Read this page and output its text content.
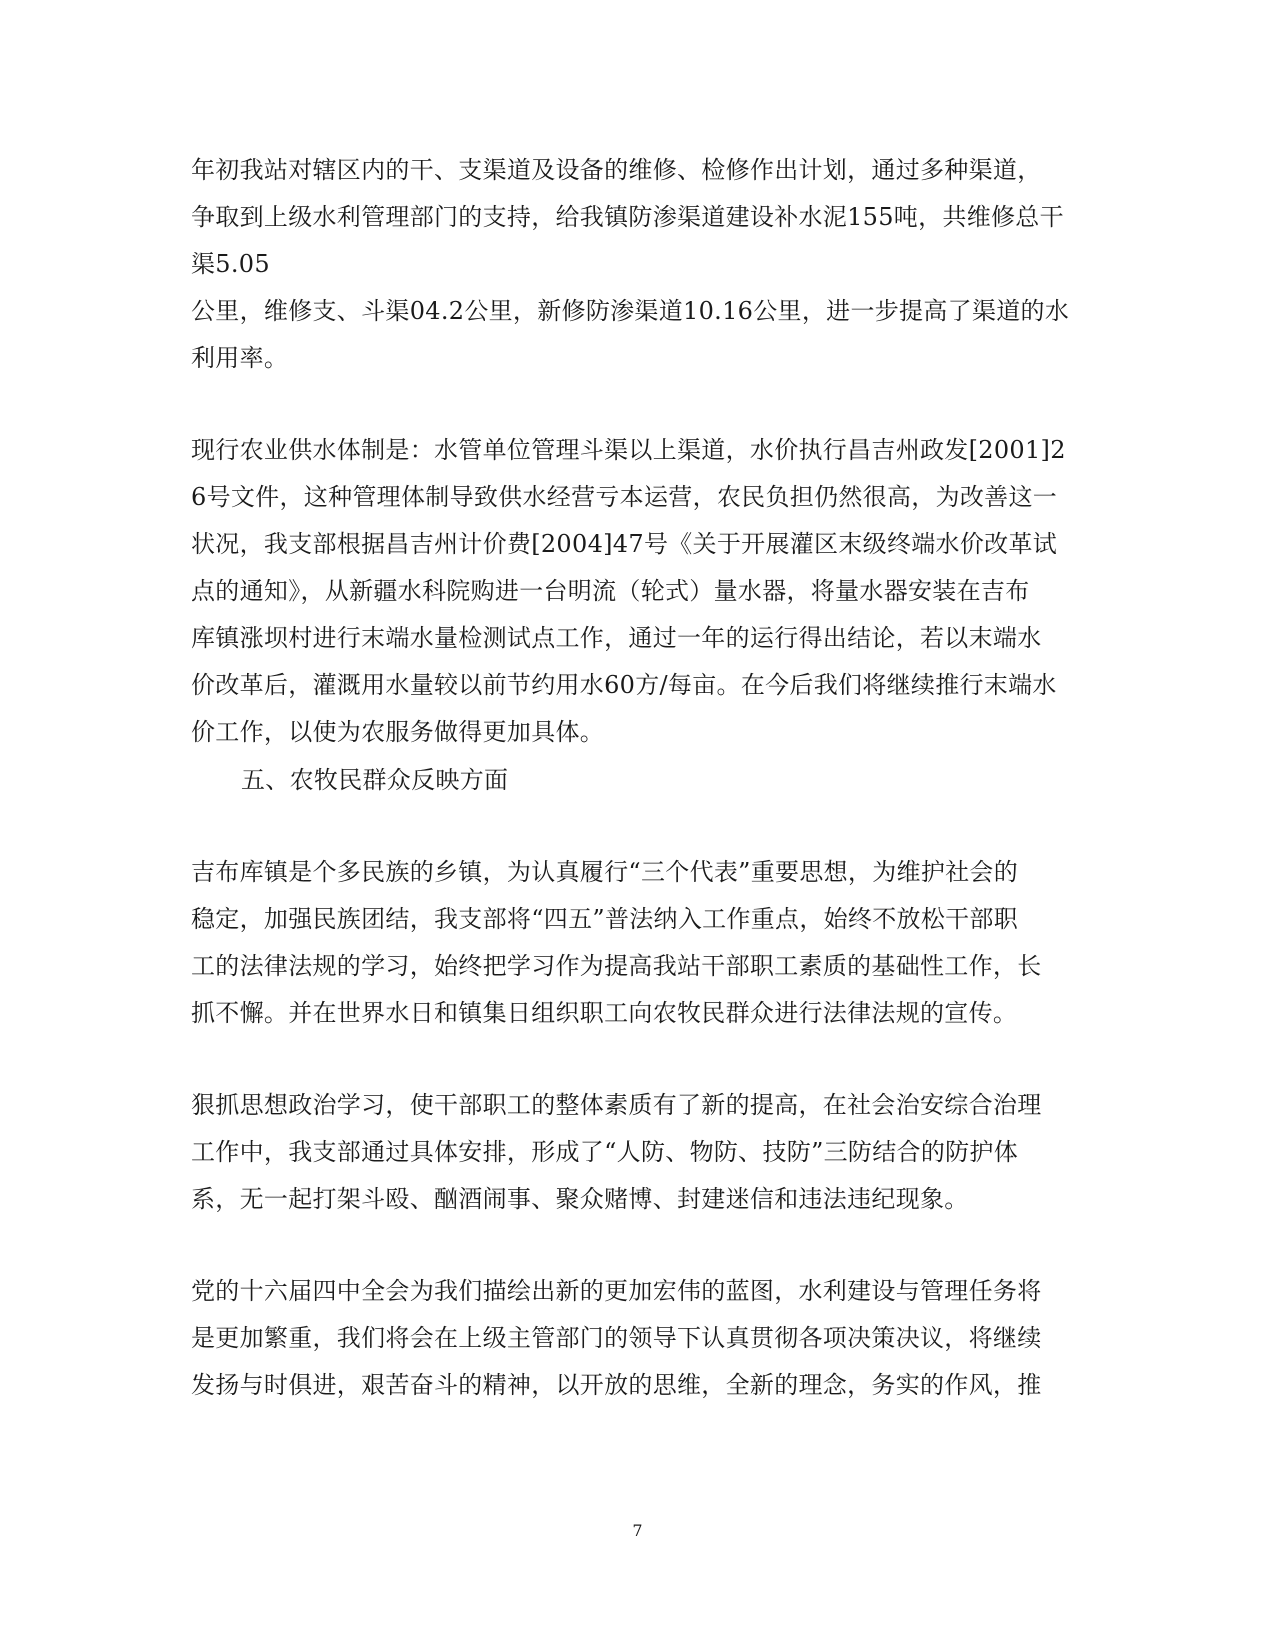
年初我站对辖区内的干、支渠道及设备的维修、检修作出计划，通过多种渠道，
争取到上级水利管理部门的支持，给我镇防渗渠道建设补水泥155吨，共维修总干
渠5.05
公里，维修支、斗渠04.2公里，新修防渗渠道10.16公里，进一步提高了渠道的水
利用率。
现行农业供水体制是：水管单位管理斗渠以上渠道，水价执行昌吉州政发[2001]2
6号文件，这种管理体制导致供水经营亏本运营，农民负担仍然很高，为改善这一
状况，我支部根据昌吉州计价费[2004]47号《关于开展灌区末级终端水价改革试
点的通知》，从新疆水科院购进一台明流（轮式）量水器，将量水器安装在吉布
库镇涨坝村进行末端水量检测试点工作，通过一年的运行得出结论，若以末端水
价改革后，灌溉用水量较以前节约用水60方/每亩。在今后我们将继续推行末端水
价工作，以使为农服务做得更加具体。
五、农牧民群众反映方面
吉布库镇是个多民族的乡镇，为认真履行“三个代表”重要思想，为维护社会的
稳定，加强民族团结，我支部将“四五”普法纳入工作重点，始终不放松干部职
工的法律法规的学习，始终把学习作为提高我站干部职工素质的基础性工作，长
抓不懈。并在世界水日和镇集日组织职工向农牧民群众进行法律法规的宣传。
狠抓思想政治学习，使干部职工的整体素质有了新的提高，在社会治安综合治理
工作中，我支部通过具体安排，形成了“人防、物防、技防”三防结合的防护体
系，无一起打架斗殴、酗酒闹事、聚众赌博、封建迷信和违法违纪现象。
党的十六届四中全会为我们描绘出新的更加宏伟的蓝图，水利建设与管理任务将
是更加繁重，我们将会在上级主管部门的领导下认真贯彻各项决策决议，将继续
发扬与时俱进，艰苦奋斗的精神，以开放的思维，全新的理念，务实的作风，推
7
